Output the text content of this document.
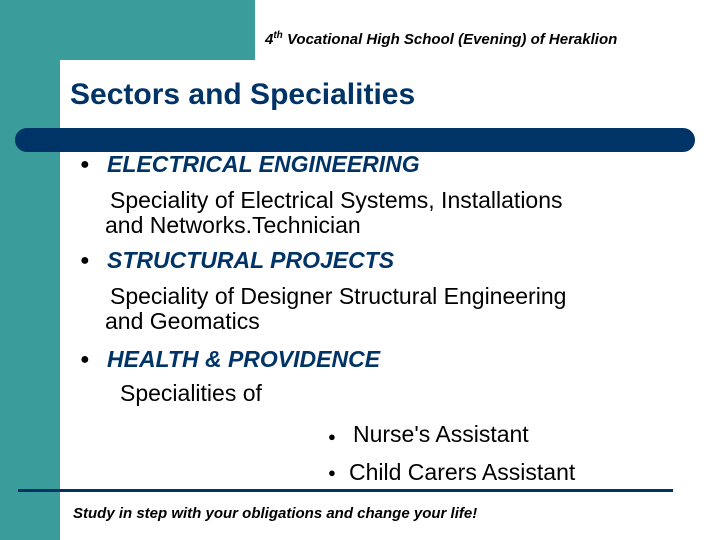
4th Vocational High School (Evening) of Heraklion
Sectors and Specialities
● ELECTRICAL ENGINEERING
Speciality of Electrical Systems, Installations
and Networks.Technician
● STRUCTURAL PROJECTS
Speciality of Designer Structural Engineering
and Geomatics
● HEALTH & PROVIDENCE
Specialities of
● Nurse's Assistant
● Child Carers Assistant
Study in step with your obligations and change your life!
